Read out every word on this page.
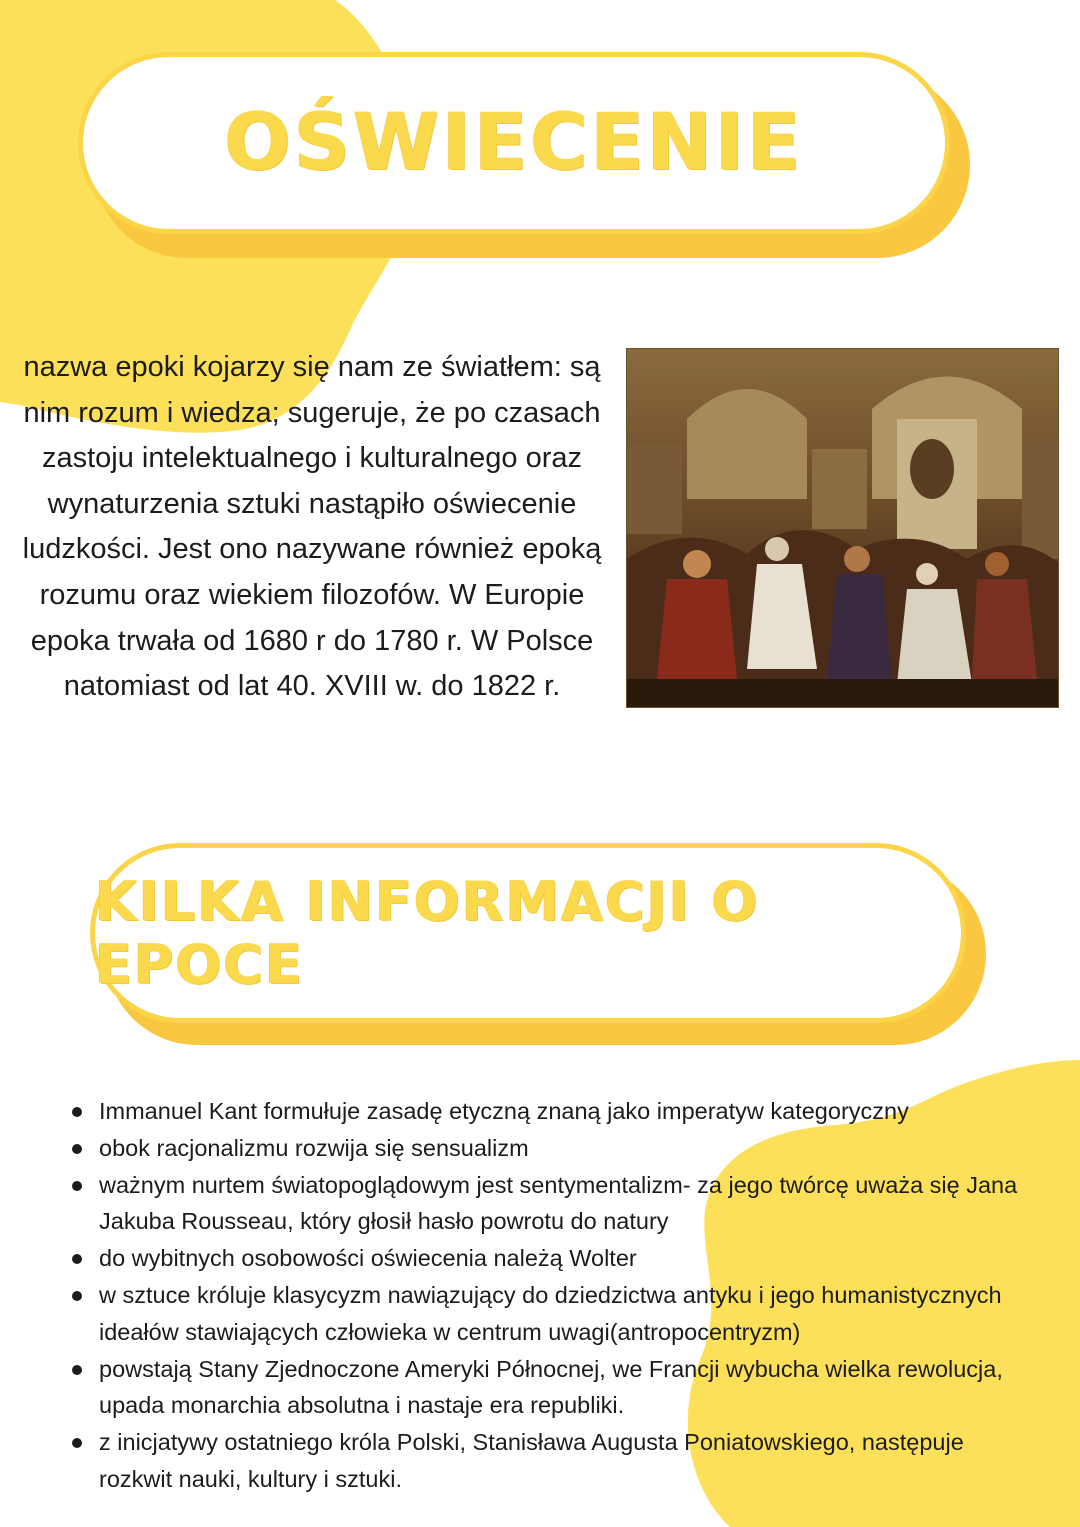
OŚWIECENIE
nazwa epoki kojarzy się nam ze światłem: są nim rozum i wiedza; sugeruje, że po czasach zastoju intelektualnego i kulturalnego oraz wynaturzenia sztuki nastąpiło oświecenie ludzkości. Jest ono nazywane również epoką rozumu oraz wiekiem filozofów. W Europie epoka trwała od 1680 r do 1780 r. W Polsce natomiast od lat 40. XVIII w. do 1822 r.
KILKA INFORMACJI O EPOCE
Immanuel Kant formułuje zasadę etyczną znaną jako imperatyw kategoryczny
obok racjonalizmu rozwija się sensualizm
ważnym nurtem światopoglądowym jest sentymentalizm- za jego twórcę uważa się Jana Jakuba Rousseau, który głosił hasło powrotu do natury
do wybitnych osobowości oświecenia należą Wolter
w sztuce króluje klasycyzm nawiązujący do dziedzictwa antyku i jego humanistycznych ideałów stawiających człowieka w centrum uwagi(antropocentryzm)
powstają Stany Zjednoczone Ameryki Północnej, we Francji wybucha wielka rewolucja, upada monarchia absolutna i nastaje era republiki.
z inicjatywy ostatniego króla Polski, Stanisława Augusta Poniatowskiego, następuje rozkwit nauki, kultury i sztuki.
